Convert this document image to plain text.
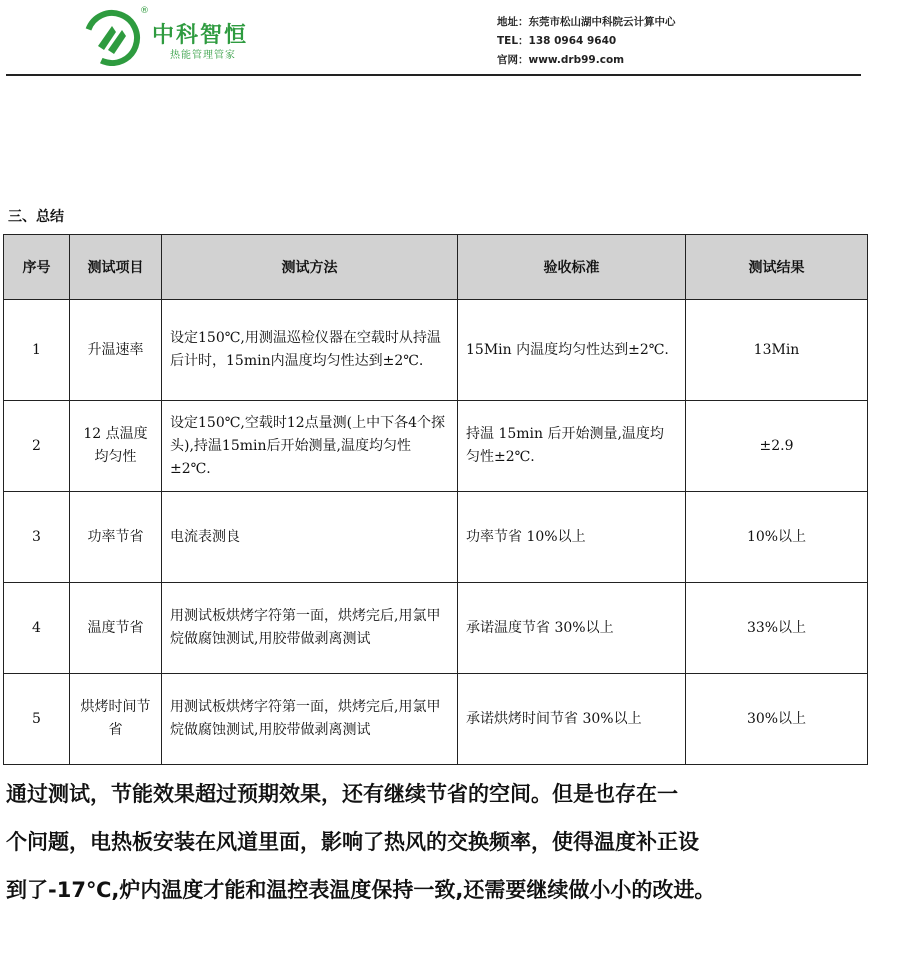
®
中科智恒
热能管理管家
地址：东莞市松山湖中科院云计算中心
TEL：138 0964 9640
官网：www.drb99.com
三、总结
序号	测试项目	测试方法	验收标准	测试结果
1	升温速率	设定150℃,用测温巡检仪器在空载时从持温后计时，15min内温度均匀性达到±2℃.	15Min 内温度均匀性达到±2℃.	13Min
2	12 点温度均匀性	设定150℃,空载时12点量测(上中下各4个探头),持温15min后开始测量,温度均匀性±2℃.	持温 15min 后开始测量,温度均匀性±2℃.	±2.9
3	功率节省	电流表测良	功率节省 10%以上	10%以上
4	温度节省	用测试板烘烤字符第一面，烘烤完后,用氯甲烷做腐蚀测试,用胶带做剥离测试	承诺温度节省 30%以上	33%以上
5	烘烤时间节省	用测试板烘烤字符第一面，烘烤完后,用氯甲烷做腐蚀测试,用胶带做剥离测试	承诺烘烤时间节省 30%以上	30%以上
通过测试，节能效果超过预期效果，还有继续节省的空间。但是也存在一
个问题，电热板安装在风道里面，影响了热风的交换频率，使得温度补正设
到了-17℃,炉内温度才能和温控表温度保持一致,还需要继续做小小的改进。
